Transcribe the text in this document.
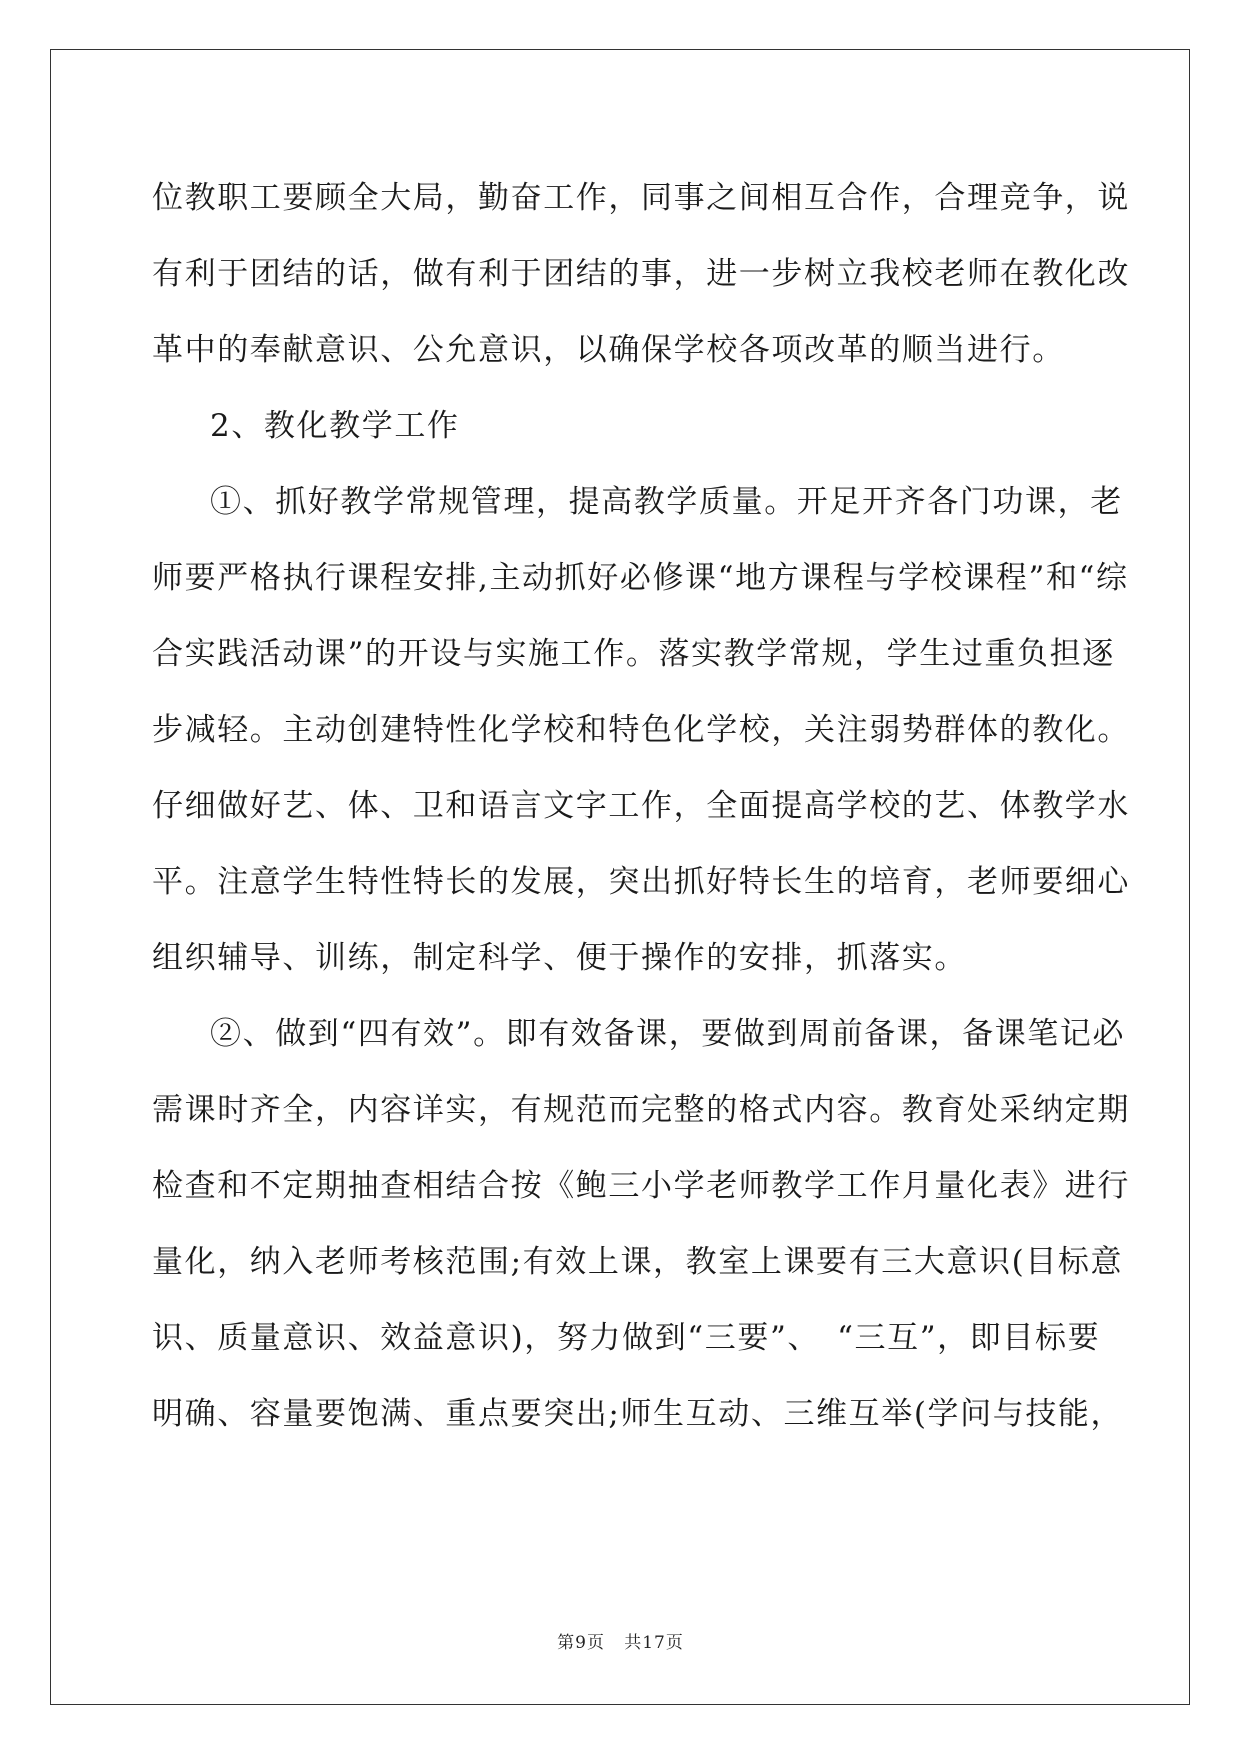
位教职工要顾全大局，勤奋工作，同事之间相互合作，合理竞争，说
有利于团结的话，做有利于团结的事，进一步树立我校老师在教化改
革中的奉献意识、公允意识，以确保学校各项改革的顺当进行。
2、教化教学工作
①、抓好教学常规管理，提高教学质量。开足开齐各门功课，老
师要严格执行课程安排,主动抓好必修课“地方课程与学校课程”和“综
合实践活动课”的开设与实施工作。落实教学常规，学生过重负担逐
步减轻。主动创建特性化学校和特色化学校，关注弱势群体的教化。
仔细做好艺、体、卫和语言文字工作，全面提高学校的艺、体教学水
平。注意学生特性特长的发展，突出抓好特长生的培育，老师要细心
组织辅导、训练，制定科学、便于操作的安排，抓落实。
②、做到“四有效”。即有效备课，要做到周前备课，备课笔记必
需课时齐全，内容详实，有规范而完整的格式内容。教育处采纳定期
检查和不定期抽查相结合按《鲍三小学老师教学工作月量化表》进行
量化，纳入老师考核范围;有效上课，教室上课要有三大意识(目标意
识、质量意识、效益意识)，努力做到“三要”、　“三互”，即目标要
明确、容量要饱满、重点要突出;师生互动、三维互举(学问与技能，
第9页 共17页
